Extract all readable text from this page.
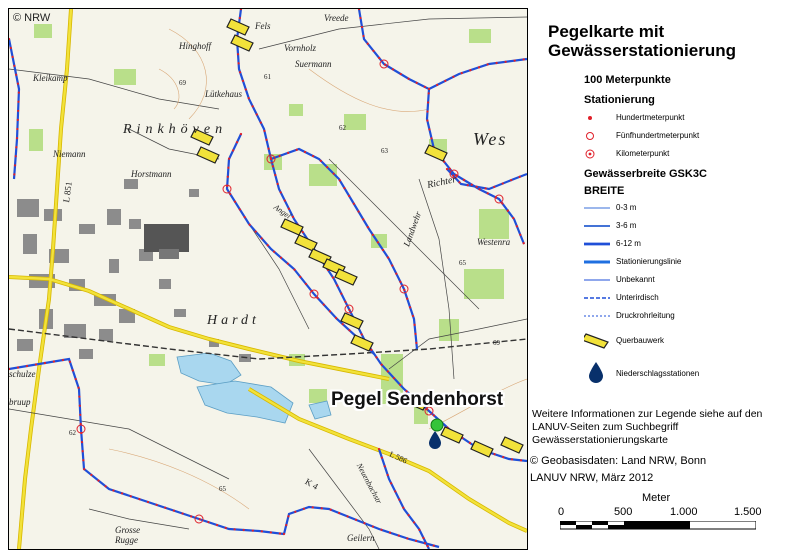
© NRW
Pegel Sendenhorst
Fels
Vreede
Hinghoff	Vornholz
Suermann
Kleikamp
Lütkehaus
Rinkhöven	Wes
Niemann
Horstmann
Richter
Landwehr	Westenra
Angel
Hardt
schulze
bruup
Geilern
Grosse Rugge
Neuenbachstr
L 586
K 4
63
62
61
65
69
69
62
65
L 851
Pegelkarte mit
Gewässerstationierung
100 Meterpunkte
Stationierung
Hundertmeterpunkt
Fünfhundertmeterpunkt
Kilometerpunkt
Gewässerbreite GSK3C
BREITE
0-3 m
3-6 m
6-12 m
Stationierungslinie
Unbekannt
Unterirdisch
Druckrohrleitung
Querbauwerk
Niederschlagsstationen
Weitere Informationen zur Legende siehe auf den LANUV-Seiten zum Suchbegriff Gewässerstationierungskarte
© Geobasisdaten: Land NRW, Bonn
LANUV NRW, März 2012
Meter
0	500	1.000	1.500
